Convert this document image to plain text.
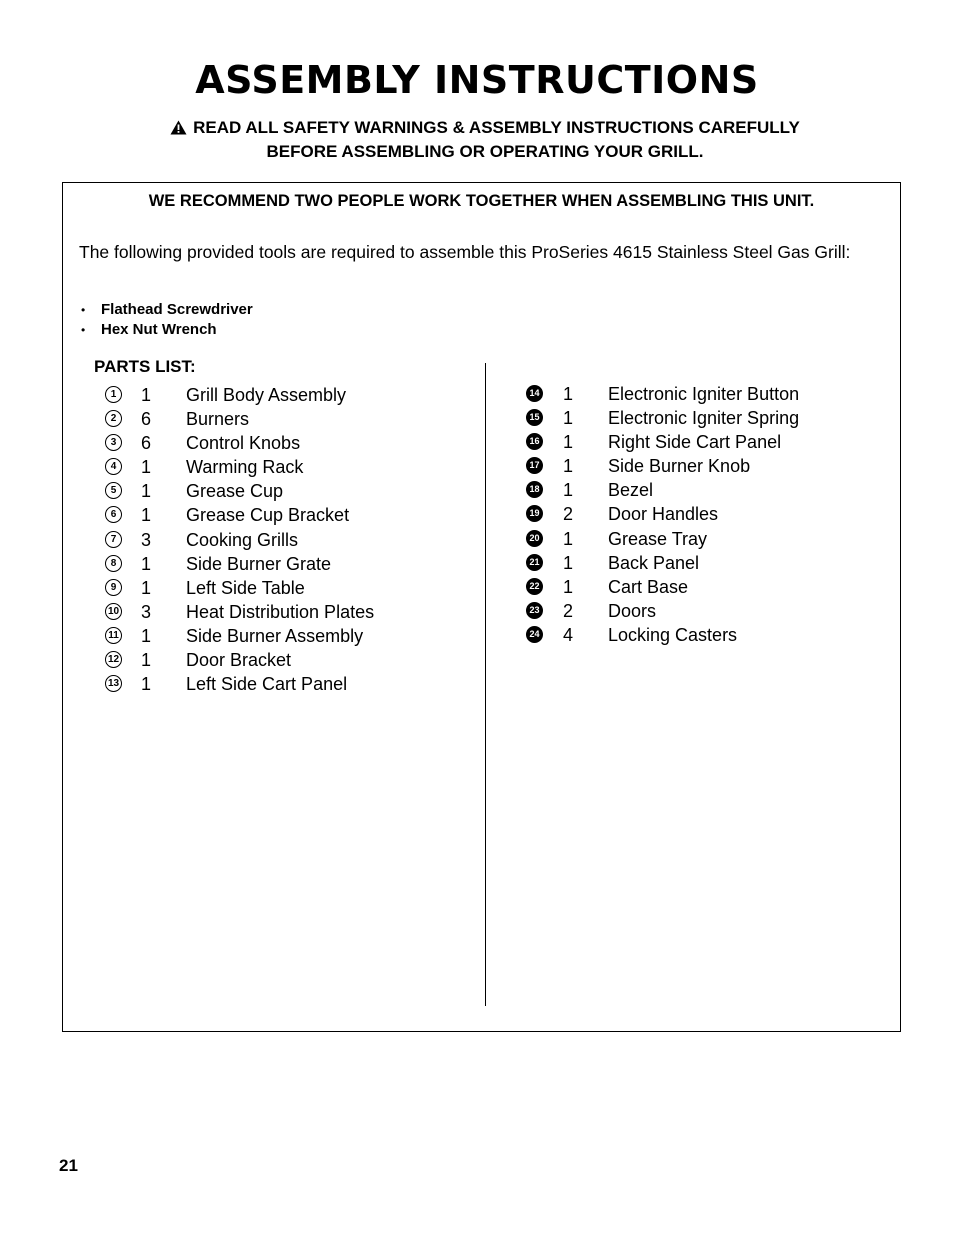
ASSEMBLY INSTRUCTIONS
READ ALL SAFETY WARNINGS & ASSEMBLY INSTRUCTIONS CAREFULLY
BEFORE ASSEMBLING OR OPERATING YOUR GRILL.
WE RECOMMEND TWO PEOPLE WORK TOGETHER WHEN ASSEMBLING THIS UNIT.
The following provided tools are required to assemble this ProSeries 4615 Stainless Steel Gas Grill:
• Flathead Screwdriver
• Hex Nut Wrench
PARTS LIST:
1	1 Grill Body Assembly
2	6 Burners
3	6 Control Knobs
4	1 Warming Rack
5	1 Grease Cup
6	1 Grease Cup Bracket
7	3 Cooking Grills
8	1 Side Burner Grate
9	1 Left Side Table
10 3 Heat Distribution Plates
11 1 Side Burner Assembly
12 1 Door Bracket
13 1 Left Side Cart Panel
14 1 Electronic Igniter Button
15 1 Electronic Igniter Spring
16 1 Right Side Cart Panel
17 1 Side Burner Knob
18 1 Bezel
19 2 Door Handles
20 1 Grease Tray
21 1 Back Panel
22 1 Cart Base
23 2 Doors
24 4 Locking Casters
21
